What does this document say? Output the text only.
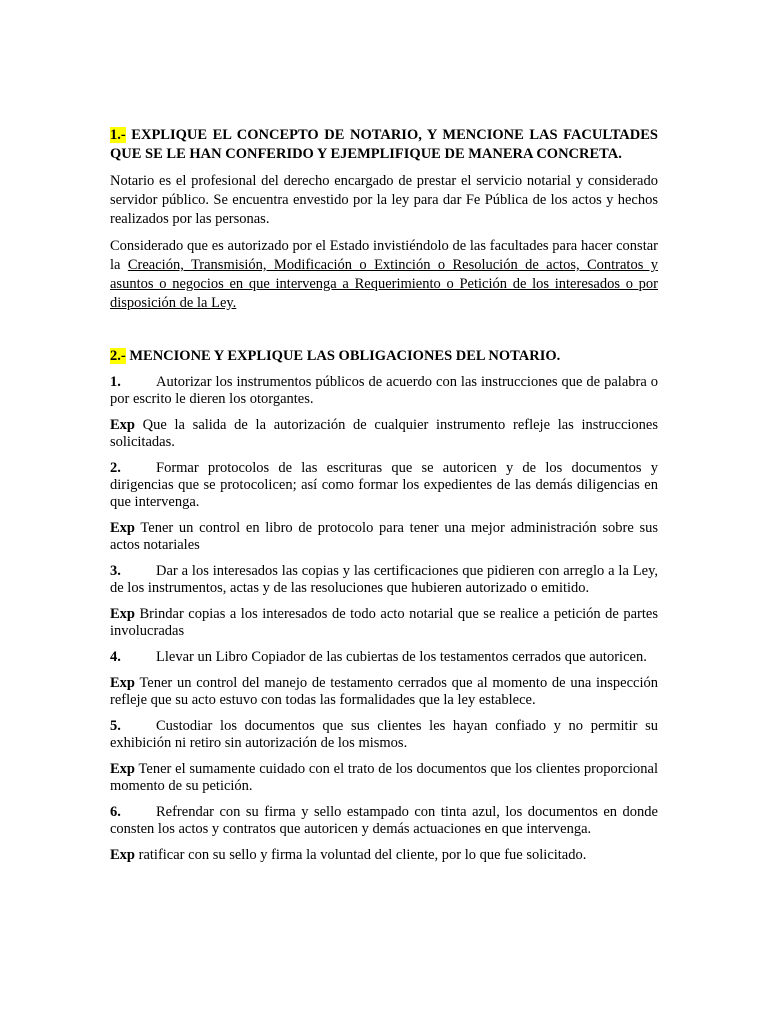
1.- EXPLIQUE EL CONCEPTO DE NOTARIO, Y MENCIONE LAS FACULTADES QUE SE LE HAN CONFERIDO Y EJEMPLIFIQUE DE MANERA CONCRETA.

Notario es el profesional del derecho encargado de prestar el servicio notarial y considerado servidor público. Se encuentra envestido por la ley para dar Fe Pública de los actos y hechos realizados por las personas.

Considerado que es autorizado por el Estado invistiéndolo de las facultades para hacer constar la Creación, Transmisión, Modificación o Extinción o Resolución de actos, Contratos y asuntos o negocios en que intervenga a Requerimiento o Petición de los interesados o por disposición de la Ley.

2.- MENCIONE Y EXPLIQUE LAS OBLIGACIONES DEL NOTARIO.

1. Autorizar los instrumentos públicos de acuerdo con las instrucciones que de palabra o por escrito le dieren los otorgantes.

Exp Que la salida de la autorización de cualquier instrumento refleje las instrucciones solicitadas.

2. Formar protocolos de las escrituras que se autoricen y de los documentos y dirigencias que se protocolicen; así como formar los expedientes de las demás diligencias en que intervenga.

Exp Tener un control en libro de protocolo para tener una mejor administración sobre sus actos notariales

3. Dar a los interesados las copias y las certificaciones que pidieren con arreglo a la Ley, de los instrumentos, actas y de las resoluciones que hubieren autorizado o emitido.

Exp Brindar copias a los interesados de todo acto notarial que se realice a petición de partes involucradas

4. Llevar un Libro Copiador de las cubiertas de los testamentos cerrados que autoricen.

Exp Tener un control del manejo de testamento cerrados que al momento de una inspección refleje que su acto estuvo con todas las formalidades que la ley establece.

5. Custodiar los documentos que sus clientes les hayan confiado y no permitir su exhibición ni retiro sin autorización de los mismos.

Exp Tener el sumamente cuidado con el trato de los documentos que los clientes proporcional momento de su petición.

6. Refrendar con su firma y sello estampado con tinta azul, los documentos en donde consten los actos y contratos que autoricen y demás actuaciones en que intervenga.

Exp ratificar con su sello y firma la voluntad del cliente, por lo que fue solicitado.
